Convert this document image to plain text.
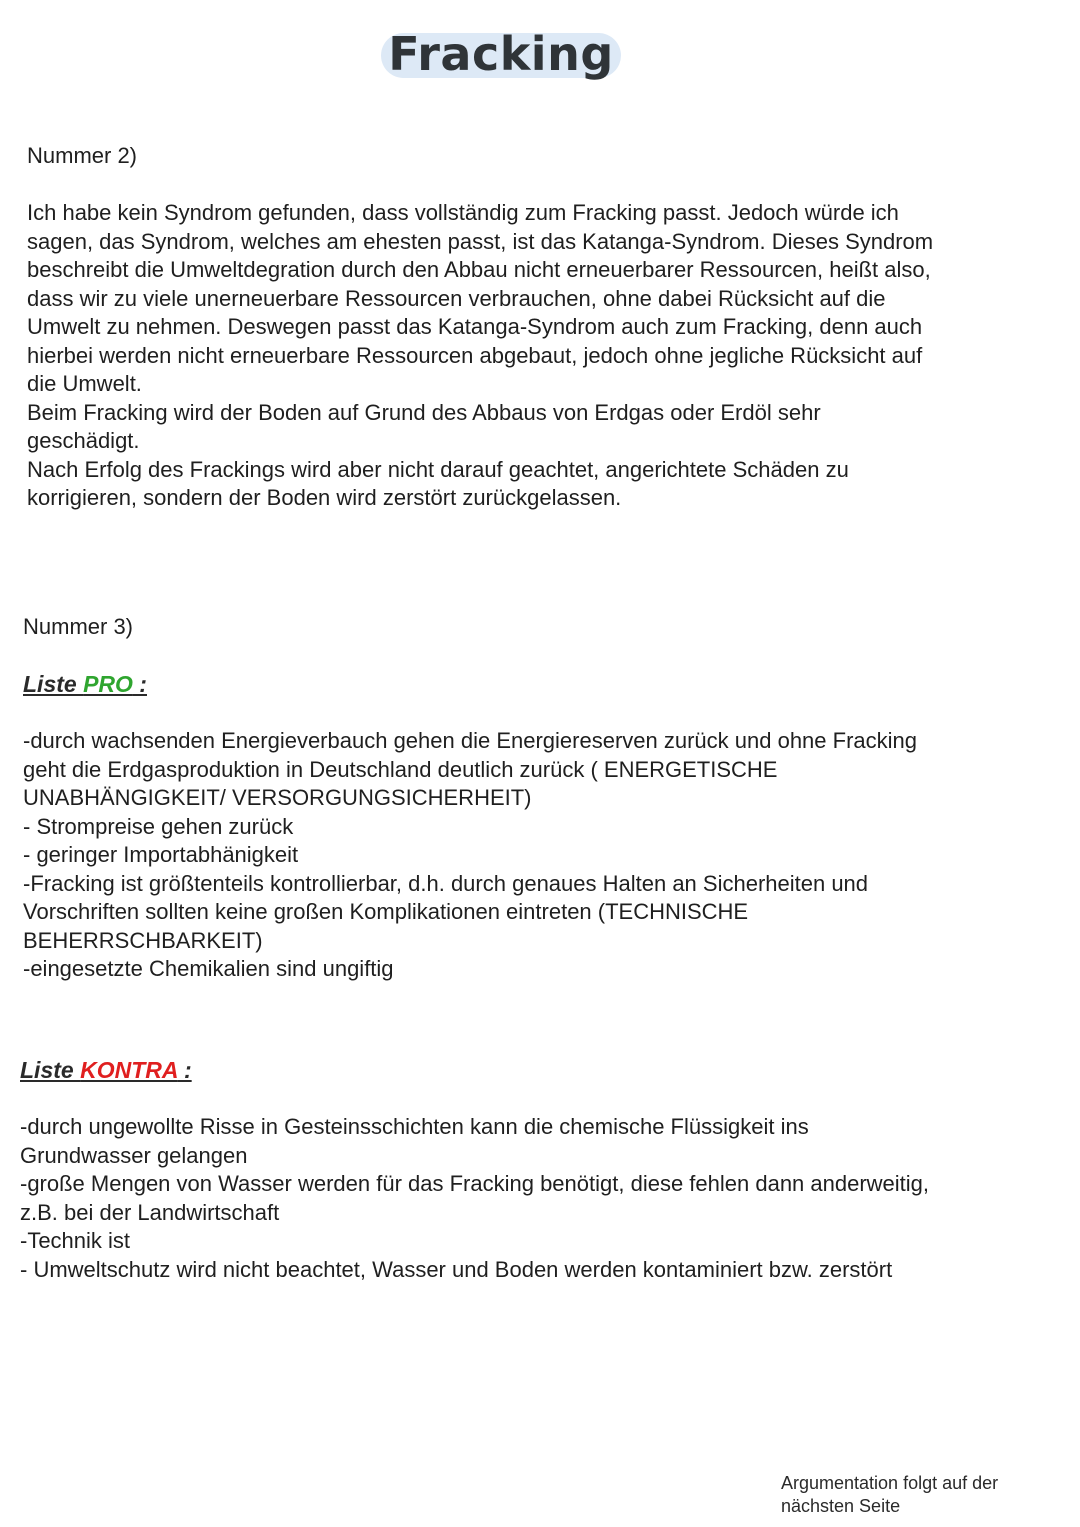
Fracking
Nummer 2)

Ich habe kein Syndrom gefunden, dass vollständig zum Fracking passt. Jedoch würde ich

sagen, das Syndrom, welches am ehesten passt, ist das Katanga-Syndrom. Dieses Syndrom

beschreibt die Umweltdegration durch den Abbau nicht erneuerbarer Ressourcen, heißt also,

dass wir zu viele unerneuerbare Ressourcen verbrauchen, ohne dabei Rücksicht auf die

Umwelt zu nehmen. Deswegen passt das Katanga-Syndrom auch zum Fracking, denn auch

hierbei werden nicht erneuerbare Ressourcen abgebaut, jedoch ohne jegliche Rücksicht auf

die Umwelt.

Beim Fracking wird der Boden auf Grund des Abbaus von Erdgas oder Erdöl sehr

geschädigt.

Nach Erfolg des Frackings wird aber nicht darauf geachtet, angerichtete Schäden zu

korrigieren, sondern der Boden wird zerstört zurückgelassen.

Nummer 3)
Liste PRO :

-durch wachsenden Energieverbauch gehen die Energiereserven zurück und ohne Fracking

geht die Erdgasproduktion in Deutschland deutlich zurück ( ENERGETISCHE

UNABHÄNGIGKEIT/ VERSORGUNGSICHERHEIT)

- Strompreise gehen zurück

- geringer Importabhänigkeit

-Fracking ist größtenteils kontrollierbar, d.h. durch genaues Halten an Sicherheiten und

Vorschriften sollten keine großen Komplikationen eintreten (TECHNISCHE

BEHERRSCHBARKEIT)

-eingesetzte Chemikalien sind ungiftig

Liste KONTRA :

-durch ungewollte Risse in Gesteinsschichten kann die chemische Flüssigkeit ins

Grundwasser gelangen

-große Mengen von Wasser werden für das Fracking benötigt, diese fehlen dann anderweitig,

z.B. bei der Landwirtschaft

-Technik ist

- Umweltschutz wird nicht beachtet, Wasser und Boden werden kontaminiert bzw. zerstört

Argumentation folgt auf der
nächsten Seite
